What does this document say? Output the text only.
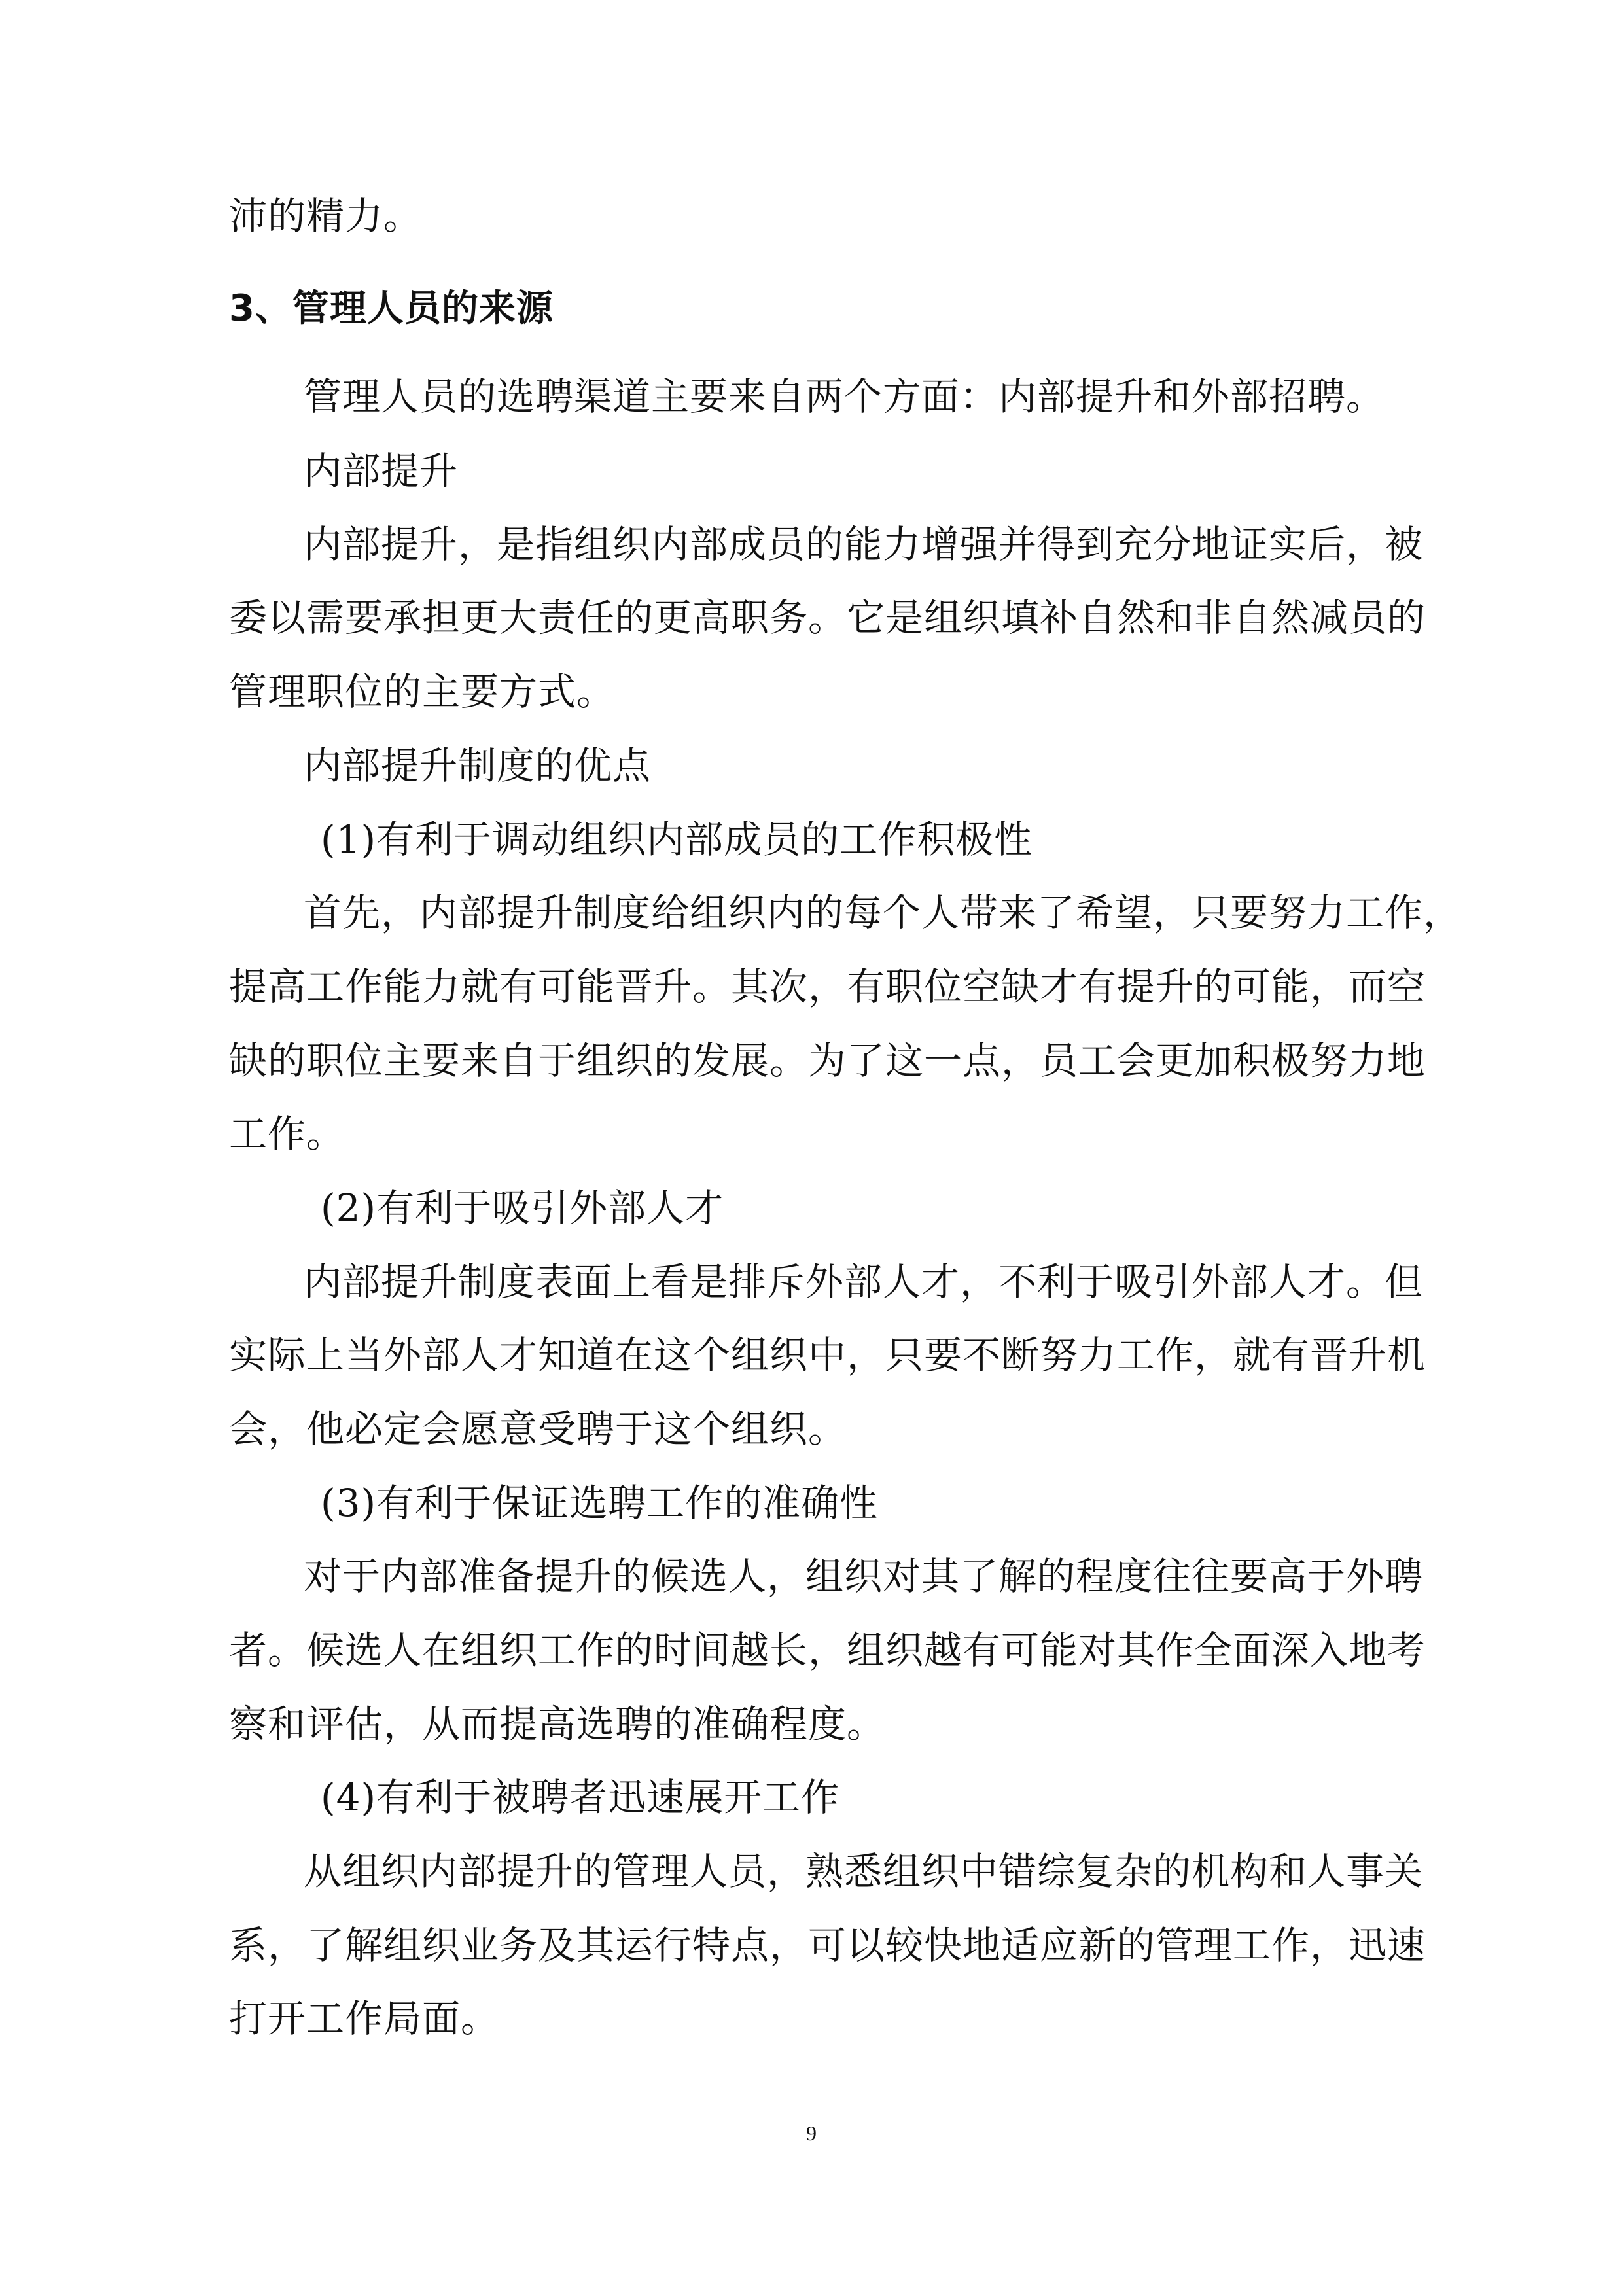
沛的精力。
3、管理人员的来源
管理人员的选聘渠道主要来自两个方面：内部提升和外部招聘。
内部提升
内部提升，是指组织内部成员的能力增强并得到充分地证实后，被
委以需要承担更大责任的更高职务。它是组织填补自然和非自然减员的
管理职位的主要方式。
内部提升制度的优点
(1)有利于调动组织内部成员的工作积极性
首先，内部提升制度给组织内的每个人带来了希望，只要努力工作，
提高工作能力就有可能晋升。其次，有职位空缺才有提升的可能，而空
缺的职位主要来自于组织的发展。为了这一点，员工会更加积极努力地
工作。
(2)有利于吸引外部人才
内部提升制度表面上看是排斥外部人才，不利于吸引外部人才。但
实际上当外部人才知道在这个组织中，只要不断努力工作，就有晋升机
会，他必定会愿意受聘于这个组织。
(3)有利于保证选聘工作的准确性
对于内部准备提升的候选人，组织对其了解的程度往往要高于外聘
者。候选人在组织工作的时间越长，组织越有可能对其作全面深入地考
察和评估，从而提高选聘的准确程度。
(4)有利于被聘者迅速展开工作
从组织内部提升的管理人员，熟悉组织中错综复杂的机构和人事关
系，了解组织业务及其运行特点，可以较快地适应新的管理工作，迅速
打开工作局面。
9
